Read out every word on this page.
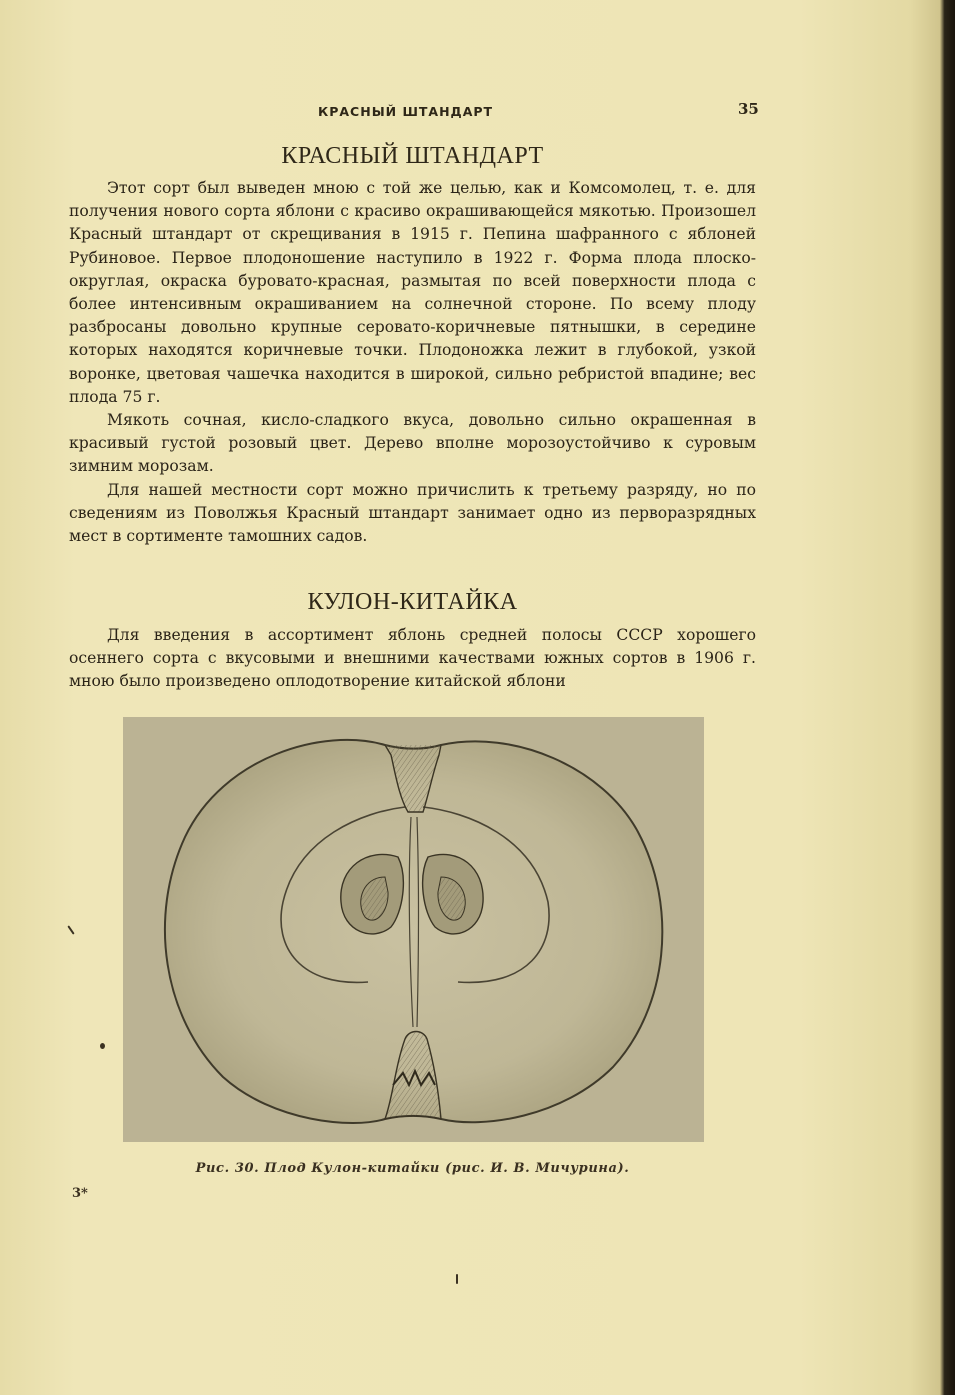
КРАСНЫЙ ШТАНДАРТ	35
КРАСНЫЙ ШТАНДАРТ

Этот сорт был выведен мною с той же целью, как и Комсомолец, т. е. для получения нового сорта яблони с красиво окрашивающейся мякотью. Произошел Красный штандарт от скрещивания в 1915 г. Пепина шафранного с яблоней Рубиновое. Первое плодоношение наступило в 1922 г. Форма плода плоско-округлая, окраска буровато-красная, размытая по всей поверхности плода с более интенсивным окрашиванием на солнечной стороне. По всему плоду разбросаны довольно крупные серовато-коричневые пятнышки, в середине которых находятся коричневые точки. Плодоножка лежит в глубокой, узкой воронке, цветовая чашечка находится в широкой, сильно ребристой впадине; вес плода 75 г.

Мякоть сочная, кисло-сладкого вкуса, довольно сильно окрашенная в красивый густой розовый цвет. Дерево вполне морозоустойчиво к суровым зимним морозам.

Для нашей местности сорт можно причислить к третьему разряду, но по сведениям из Поволжья Красный штандарт занимает одно из перворазрядных мест в сортименте тамошних садов.

КУЛОН-КИТАЙКА

Для введения в ассортимент яблонь средней полосы СССР хорошего осеннего сорта с вкусовыми и внешними качествами южных сортов в 1906 г. мною было произведено оплодотворение китайской яблони

Рис. 30. Плод Кулон-китайки (рис. И. В. Мичурина).
3*
